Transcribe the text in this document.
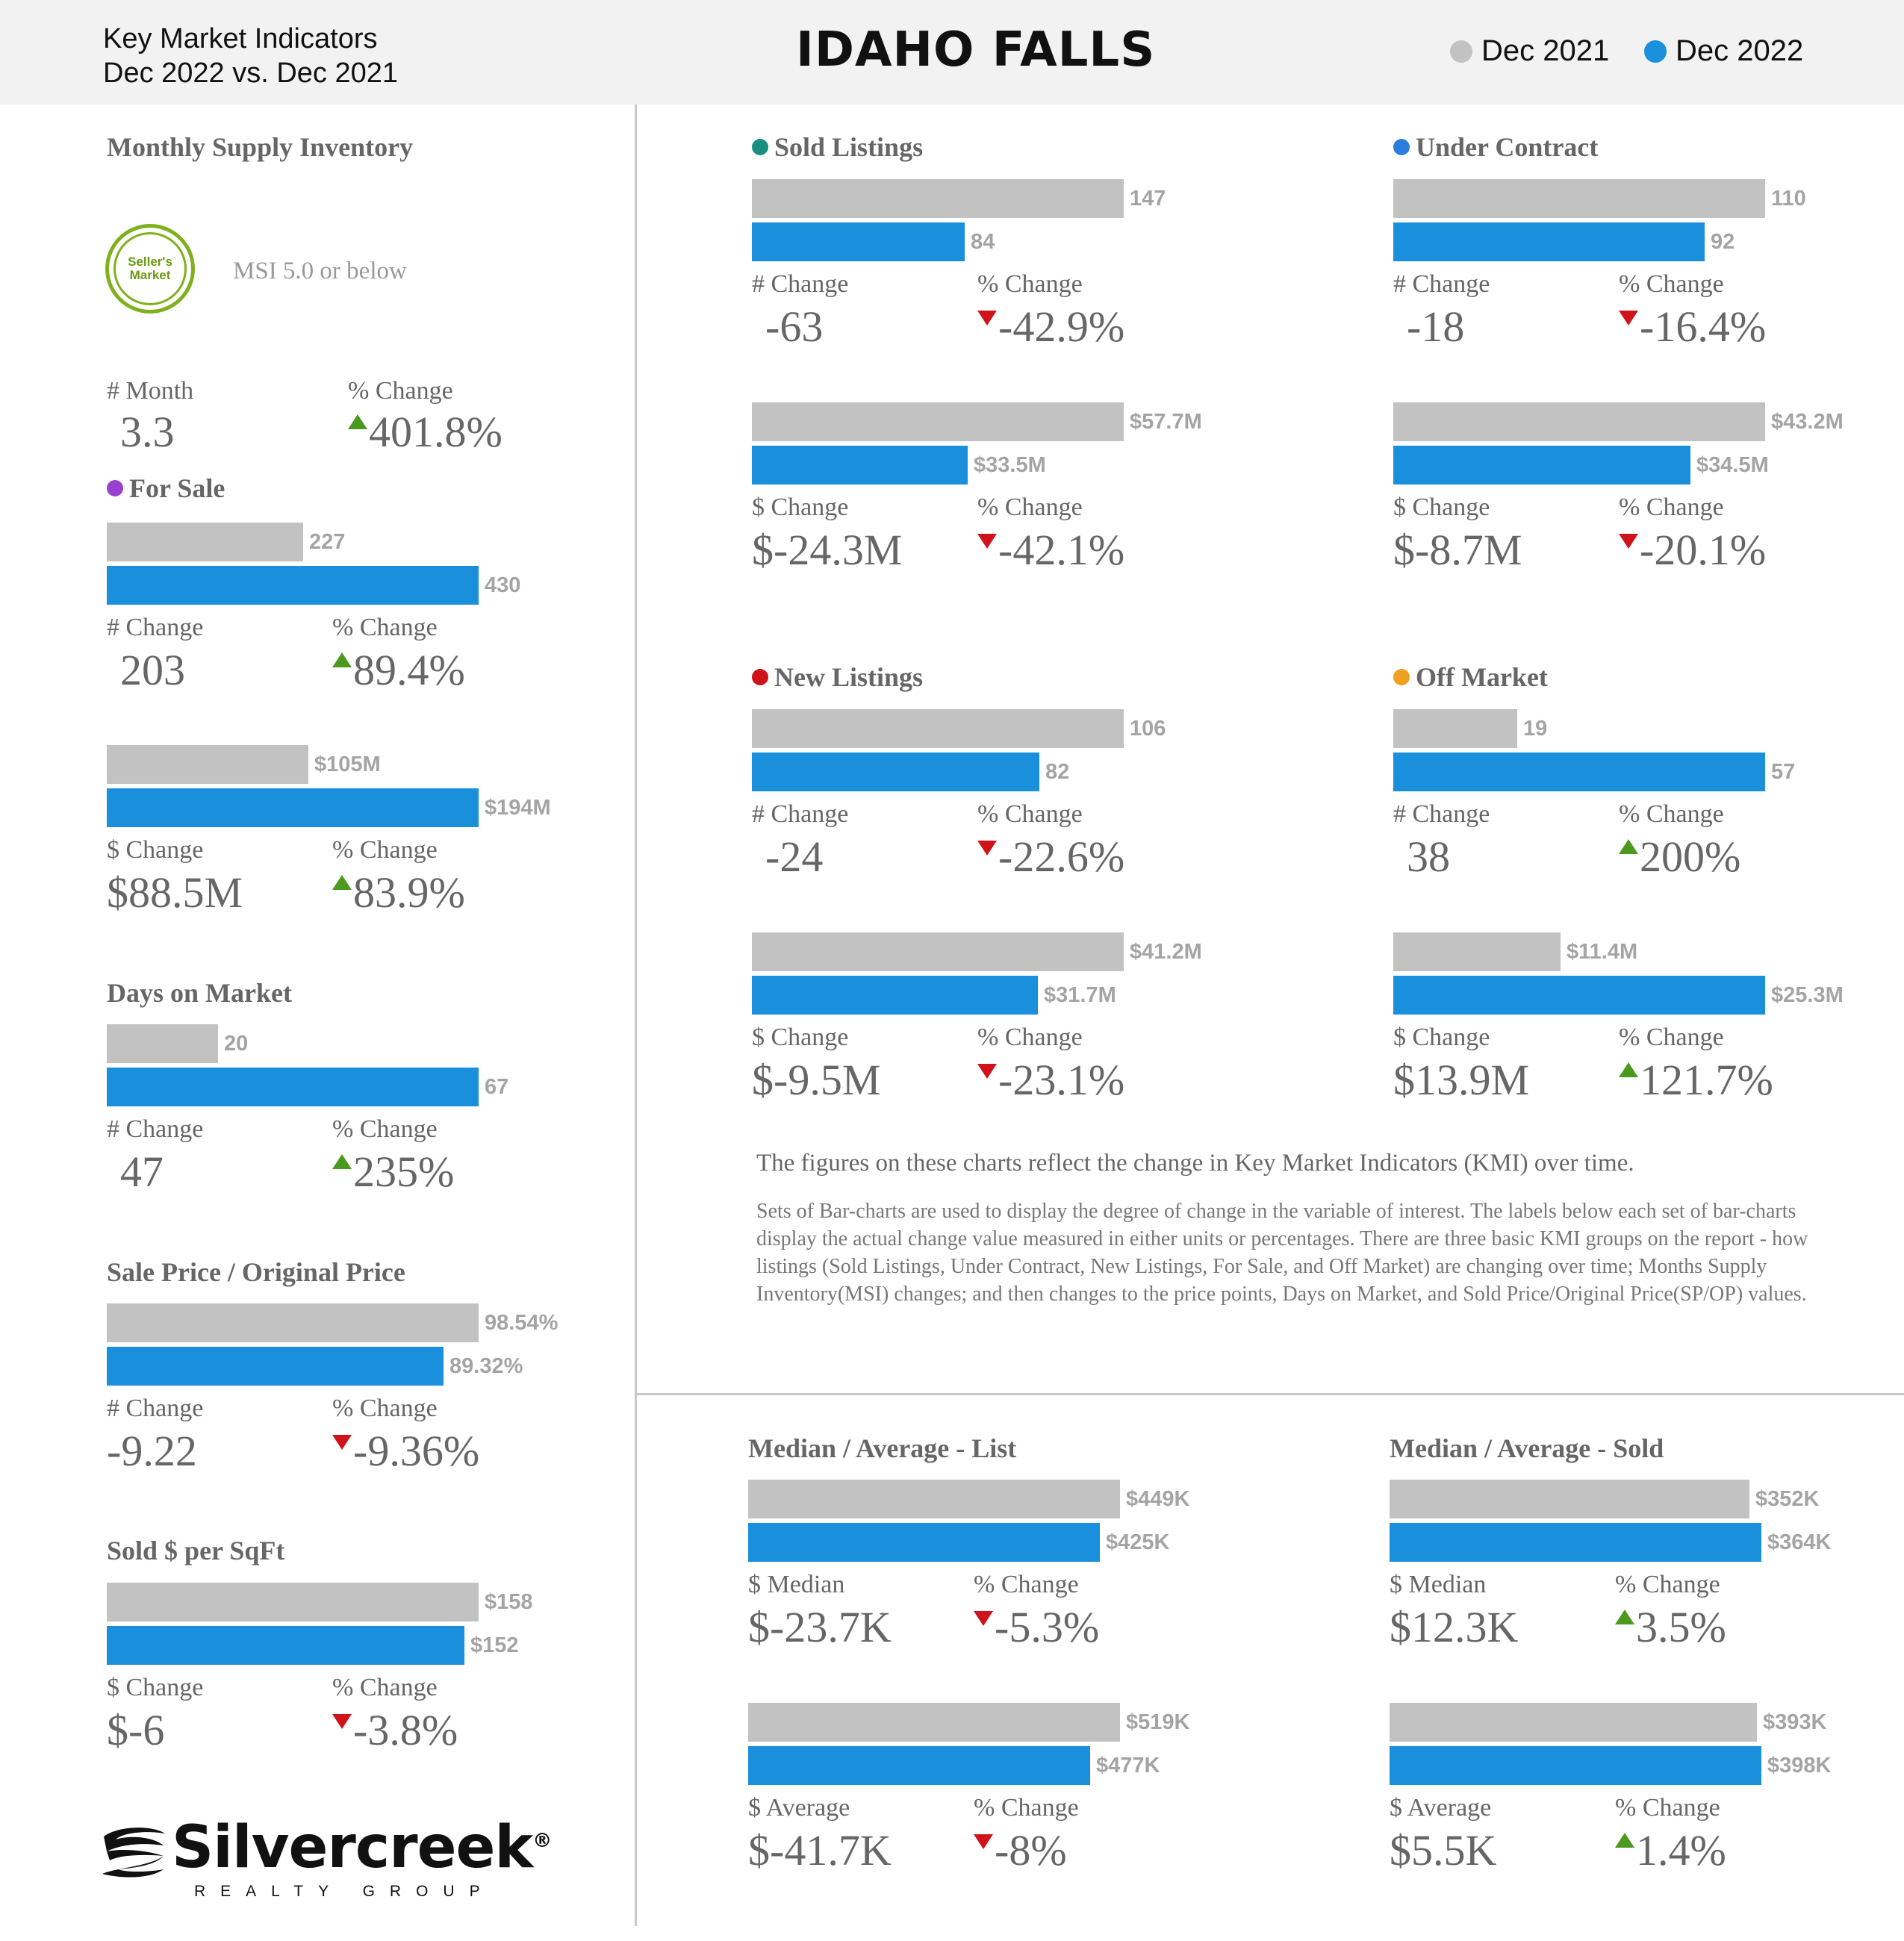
Key Market Indicators
Dec 2022 vs. Dec 2021	IDAHO FALLS	Dec 2021 Dec 2022
Monthly Supply Inventory
Seller's
Market	MSI 5.0 or below
# Month	% Change
3.3	401.8%
For Sale
Days on Market
Sale Price / Original Price
Sold $ per SqFt
Sold Listings	Under Contract
New Listings	Off Market
Median / Average - List	Median / Average - Sold
The figures on these charts reflect the change in Key Market Indicators (KMI) over time.
Sets of Bar-charts are used to display the degree of change in the variable of interest. The labels below each set of bar-charts display the actual change value measured in either units or percentages. There are three basic KMI groups on the report - how listings (Sold Listings, Under Contract, New Listings, For Sale, and Off Market) are changing over time; Months Supply Inventory(MSI) changes; and then changes to the price points, Days on Market, and Sold Price/Original Price(SP/OP) values.
Silvercreek®
REALTY GROUP
227
430
# Change	% Change
203	89.4%
$105M
$194M
$ Change	% Change
$88.5M	83.9%
20
67
# Change	% Change
47	235%
98.54%
89.32%
# Change	% Change
-9.22	-9.36%
$158
$152
$ Change	% Change
$-6	-3.8%
147
84
# Change	% Change
-63	-42.9%
$57.7M
$33.5M
$ Change	% Change
$-24.3M -42.1%
110
92
# Change	% Change
-18	-16.4%
$43.2M
$34.5M
$ Change	% Change
$-8.7M	-20.1%
106
82
# Change	% Change
-24	-22.6%
$41.2M
$31.7M
$ Change	% Change
$-9.5M	-23.1%
19
57
# Change	% Change
38	200%
$11.4M
$25.3M
$ Change	% Change
$13.9M	121.7%
$449K
$425K
$ Median	% Change
$-23.7K -5.3%
$519K
$477K
$ Average	% Change
$-41.7K -8%
$352K
$364K
$ Median	% Change
$12.3K	3.5%
$393K
$398K
$ Average	% Change
$5.5K	1.4%
